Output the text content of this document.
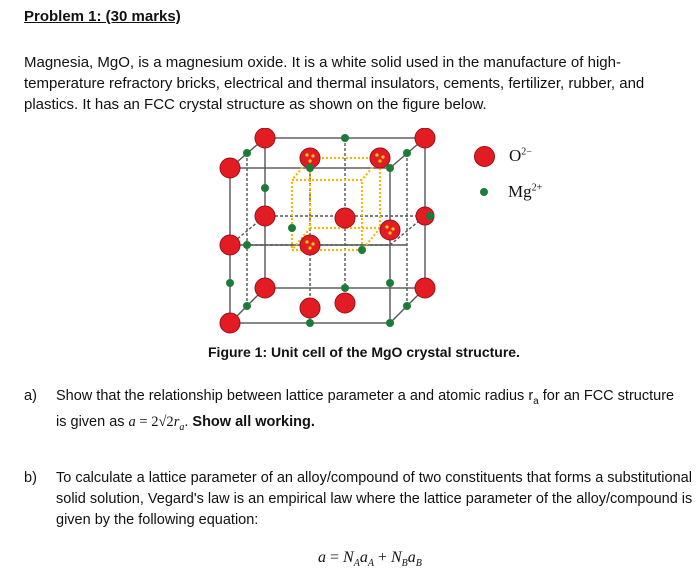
Problem 1: (30 marks)
Magnesia, MgO, is a magnesium oxide. It is a white solid used in the manufacture of high-temperature refractory bricks, electrical and thermal insulators, cements, fertilizer, rubber, and plastics. It has an FCC crystal structure as shown on the figure below.
$O^{2-}$
$Mg^{2+}$
Figure 1: Unit cell of the MgO crystal structure.
a) Show that the relationship between lattice parameter a and atomic radius $r_a$ for an FCC structure is given as $a = 2√2r_a$. Show all working.
b) To calculate a lattice parameter of an alloy/compound of two constituents that forms a substitutional solid solution, Vegard's law is an empirical law where the lattice parameter of the alloy/compound is given by the following equation:
$a = N_Aa_A + N_Ba_B$
